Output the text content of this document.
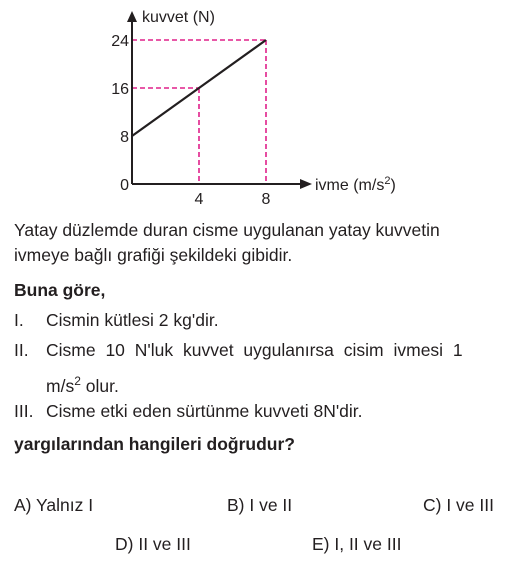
8
16
24
0
4	8
kuvvet (N)
ivme $(m/s^2)$
Yatay düzlemde duran cisme uygulanan yatay kuvvetin
ivmeye bağlı grafiği şekildeki gibidir.
Buna göre,
I. Cismin kütlesi 2 kg'dir.
II. Cisme 10 N'luk kuvvet uygulanırsa cisim ivmesi 1
$m/s^2$ olur.
III. Cisme etki eden sürtünme kuvveti 8N'dir.
yargılarından hangileri doğrudur?
A) Yalnız I	B) I ve II	C) I ve III
D) II ve III	E) I, II ve III
